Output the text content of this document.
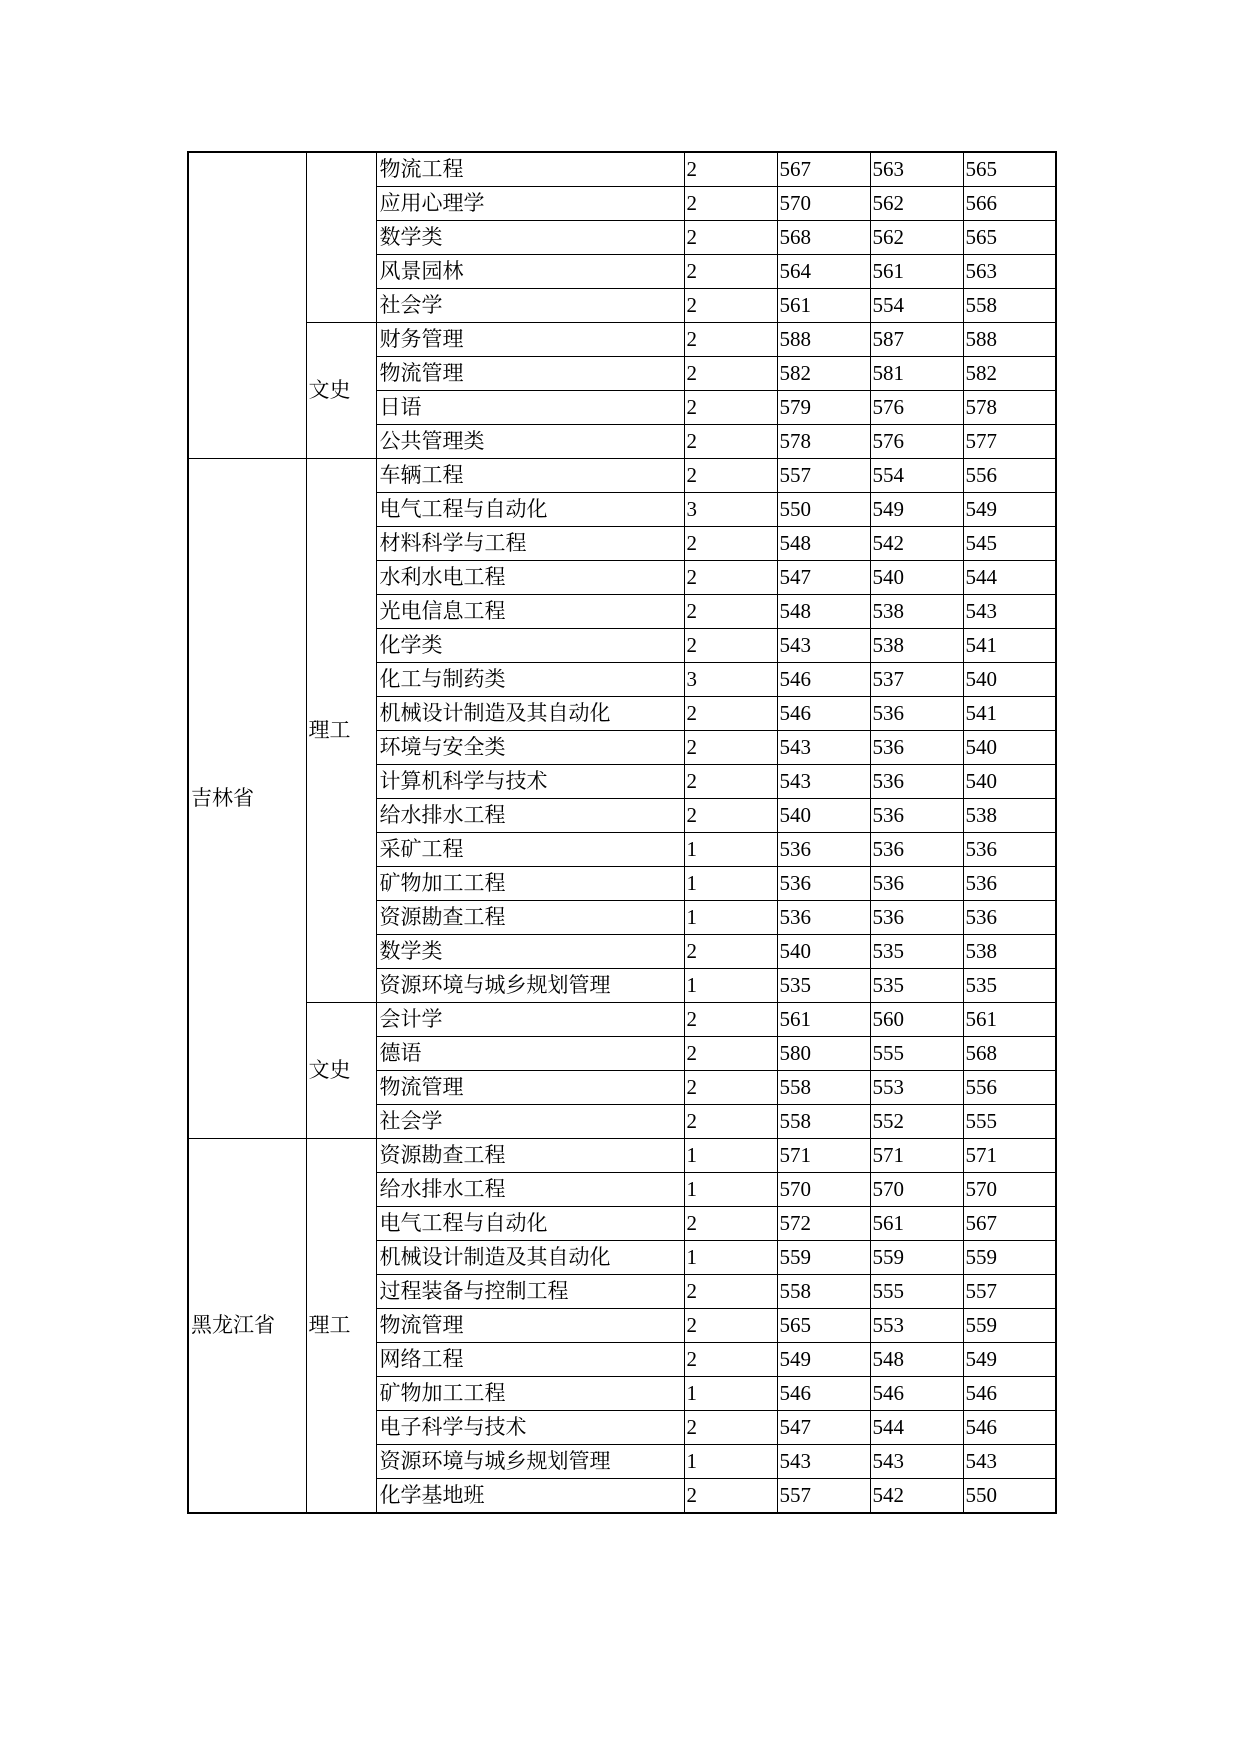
		物流工程	2	567	563	565
		应用心理学	2	570	562	566
		数学类	2	568	562	565
		风景园林	2	564	561	563
		社会学	2	561	554	558
	文史	财务管理	2	588	587	588
		物流管理	2	582	581	582
		日语	2	579	576	578
		公共管理类	2	578	576	577
吉林省	理工	车辆工程	2	557	554	556
		电气工程与自动化	3	550	549	549
		材料科学与工程	2	548	542	545
		水利水电工程	2	547	540	544
		光电信息工程	2	548	538	543
		化学类	2	543	538	541
		化工与制药类	3	546	537	540
		机械设计制造及其自动化	2	546	536	541
		环境与安全类	2	543	536	540
		计算机科学与技术	2	543	536	540
		给水排水工程	2	540	536	538
		采矿工程	1	536	536	536
		矿物加工工程	1	536	536	536
		资源勘查工程	1	536	536	536
		数学类	2	540	535	538
		资源环境与城乡规划管理	1	535	535	535
	文史	会计学	2	561	560	561
		德语	2	580	555	568
		物流管理	2	558	553	556
		社会学	2	558	552	555
黑龙江省	理工	资源勘查工程	1	571	571	571
		给水排水工程	1	570	570	570
		电气工程与自动化	2	572	561	567
		机械设计制造及其自动化	1	559	559	559
		过程装备与控制工程	2	558	555	557
		物流管理	2	565	553	559
		网络工程	2	549	548	549
		矿物加工工程	1	546	546	546
		电子科学与技术	2	547	544	546
		资源环境与城乡规划管理	1	543	543	543
		化学基地班	2	557	542	550
